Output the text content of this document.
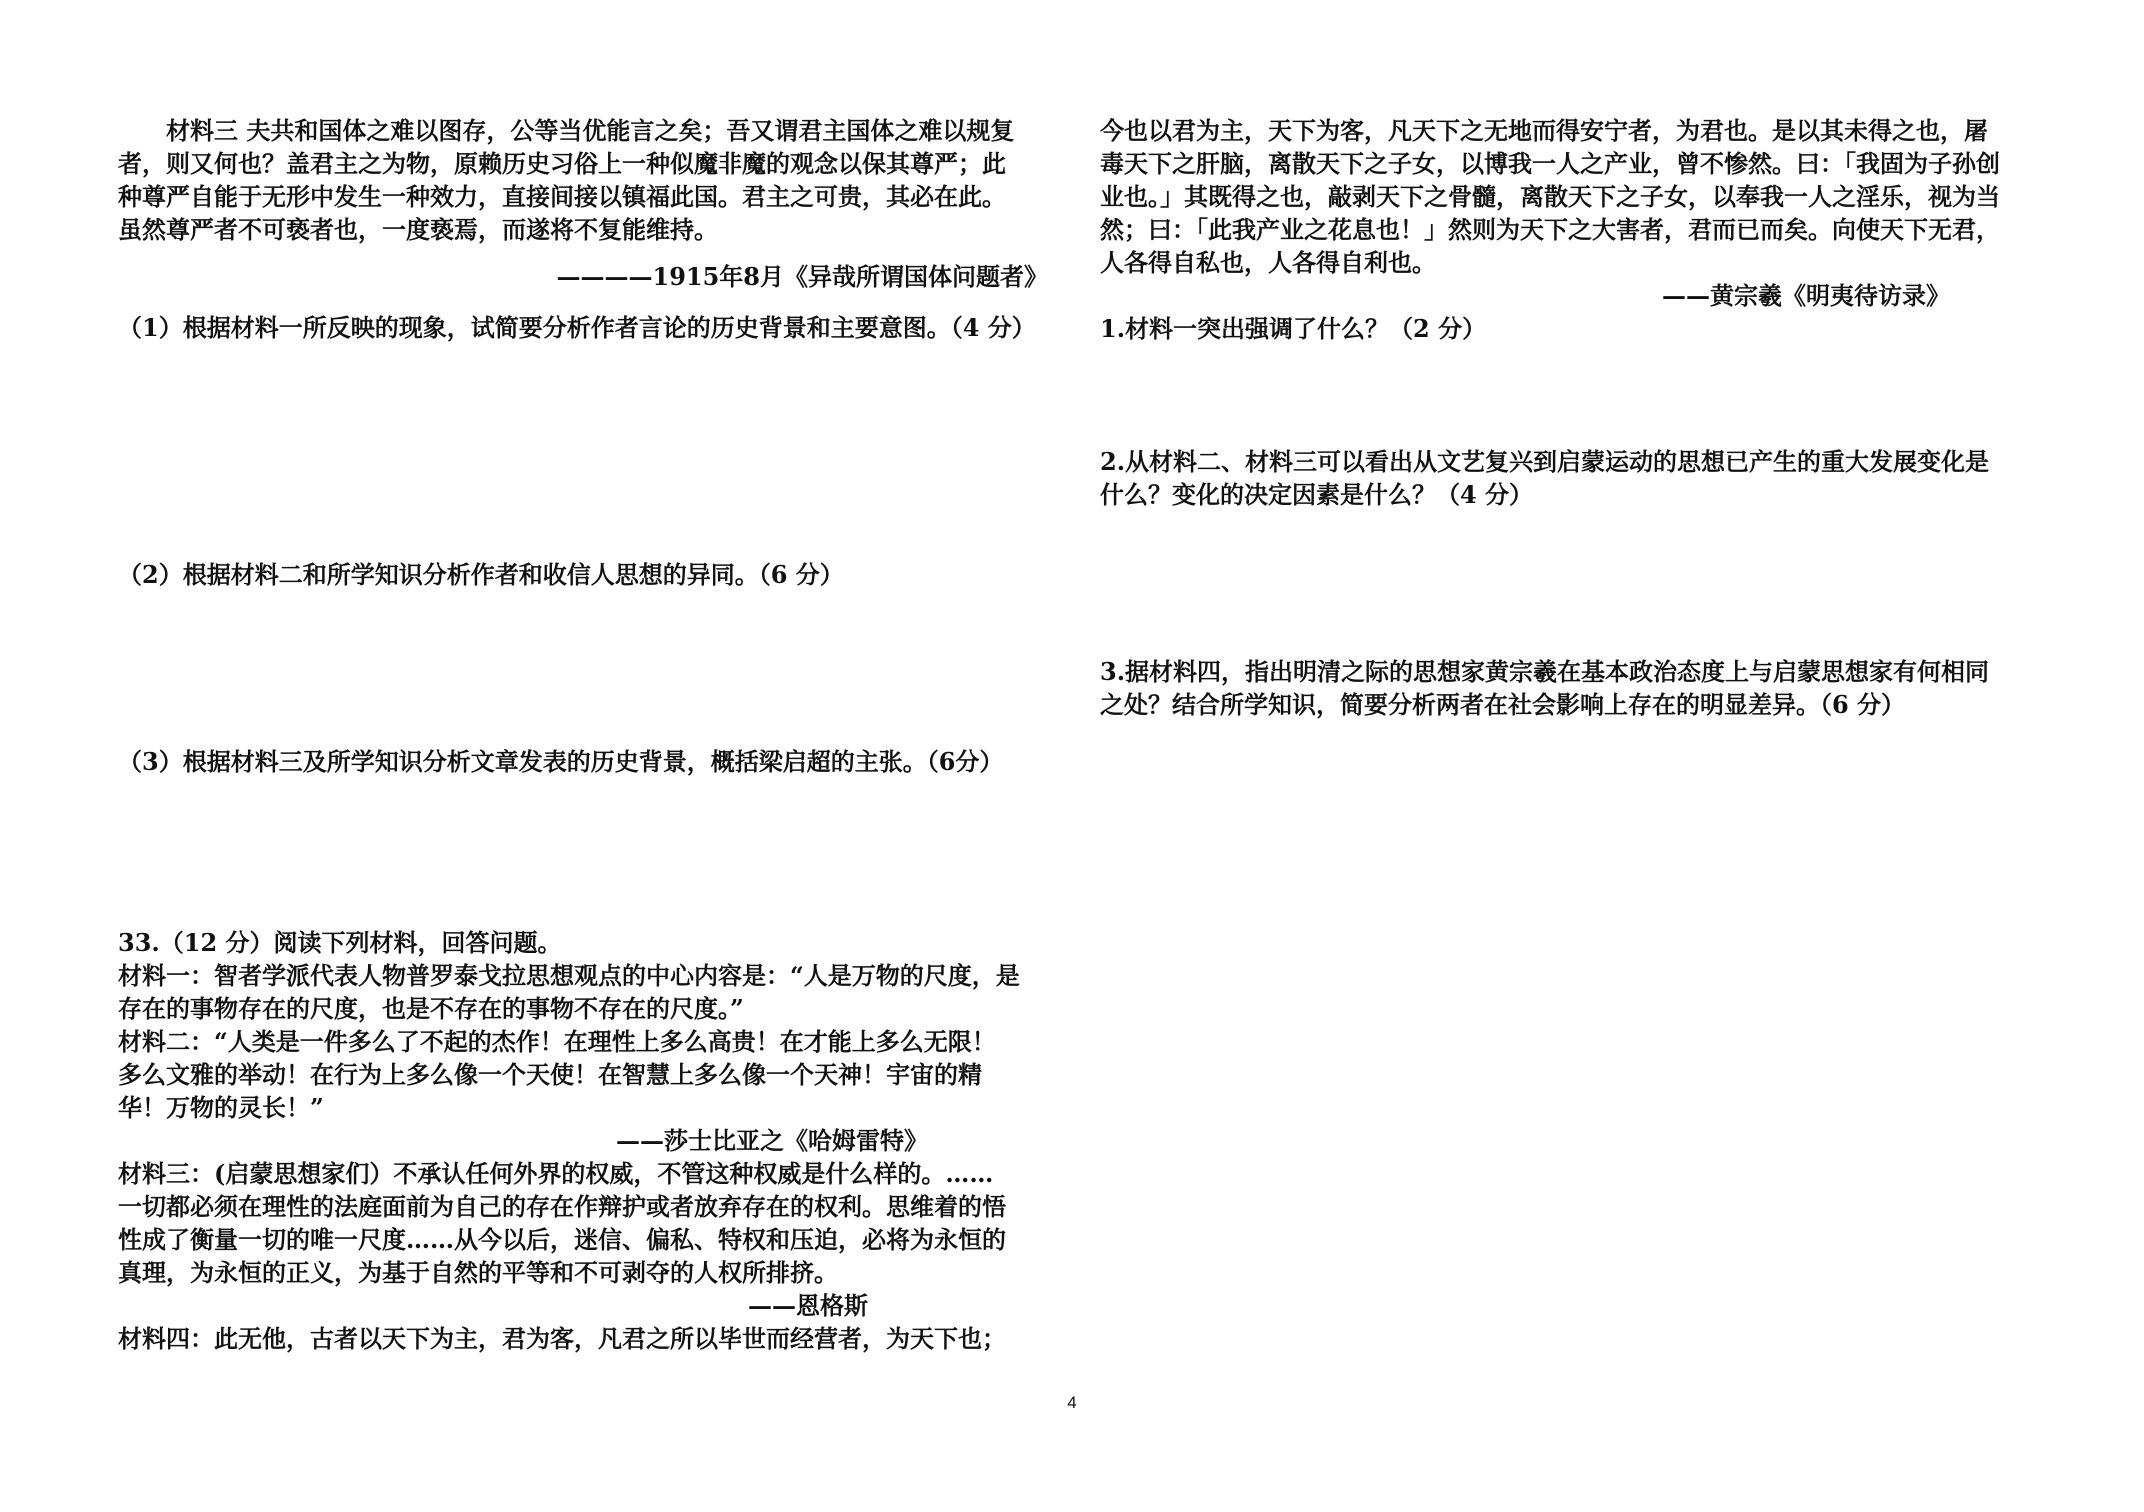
材料三 夫共和国体之难以图存，公等当优能言之矣；吾又谓君主国体之难以规复

者，则又何也？盖君主之为物，原赖历史习俗上一种似魔非魔的观念以保其尊严；此

种尊严自能于无形中发生一种效力，直接间接以镇福此国。君主之可贵，其必在此。

虽然尊严者不可亵者也，一度亵焉，而遂将不复能维持。

————1915年8月《异哉所谓国体问题者》

（1）根据材料一所反映的现象，试简要分析作者言论的历史背景和主要意图。（4 分）

（2）根据材料二和所学知识分析作者和收信人思想的异同。（6 分）

（3）根据材料三及所学知识分析文章发表的历史背景，概括梁启超的主张。（6分）

33.（12 分）阅读下列材料，回答问题。

材料一：智者学派代表人物普罗泰戈拉思想观点的中心内容是：“人是万物的尺度，是

存在的事物存在的尺度，也是不存在的事物不存在的尺度。”

材料二：“人类是一件多么了不起的杰作！在理性上多么高贵！在才能上多么无限！

多么文雅的举动！在行为上多么像一个天使！在智慧上多么像一个天神！宇宙的精

华！万物的灵长！”

——莎士比亚之《哈姆雷特》

材料三：(启蒙思想家们）不承认任何外界的权威，不管这种权威是什么样的。……

一切都必须在理性的法庭面前为自己的存在作辩护或者放弃存在的权利。思维着的悟

性成了衡量一切的唯一尺度……从今以后，迷信、偏私、特权和压迫，必将为永恒的

真理，为永恒的正义，为基于自然的平等和不可剥夺的人权所排挤。

——恩格斯

材料四：此无他，古者以天下为主，君为客，凡君之所以毕世而经营者，为天下也；

今也以君为主，天下为客，凡天下之无地而得安宁者，为君也。是以其未得之也，屠

毒天下之肝脑，离散天下之子女，以博我一人之产业，曾不惨然。曰：「我固为子孙创

业也。」其既得之也，敲剥天下之骨髓，离散天下之子女，以奉我一人之淫乐，视为当

然；曰：「此我产业之花息也！」然则为天下之大害者，君而已而矣。向使天下无君，

人各得自私也，人各得自利也。

——黄宗羲《明夷待访录》

1.材料一突出强调了什么？（2 分）

2.从材料二、材料三可以看出从文艺复兴到启蒙运动的思想已产生的重大发展变化是

什么？变化的决定因素是什么？（4 分）

3.据材料四，指出明清之际的思想家黄宗羲在基本政治态度上与启蒙思想家有何相同

之处？结合所学知识，简要分析两者在社会影响上存在的明显差异。（6 分）

4
